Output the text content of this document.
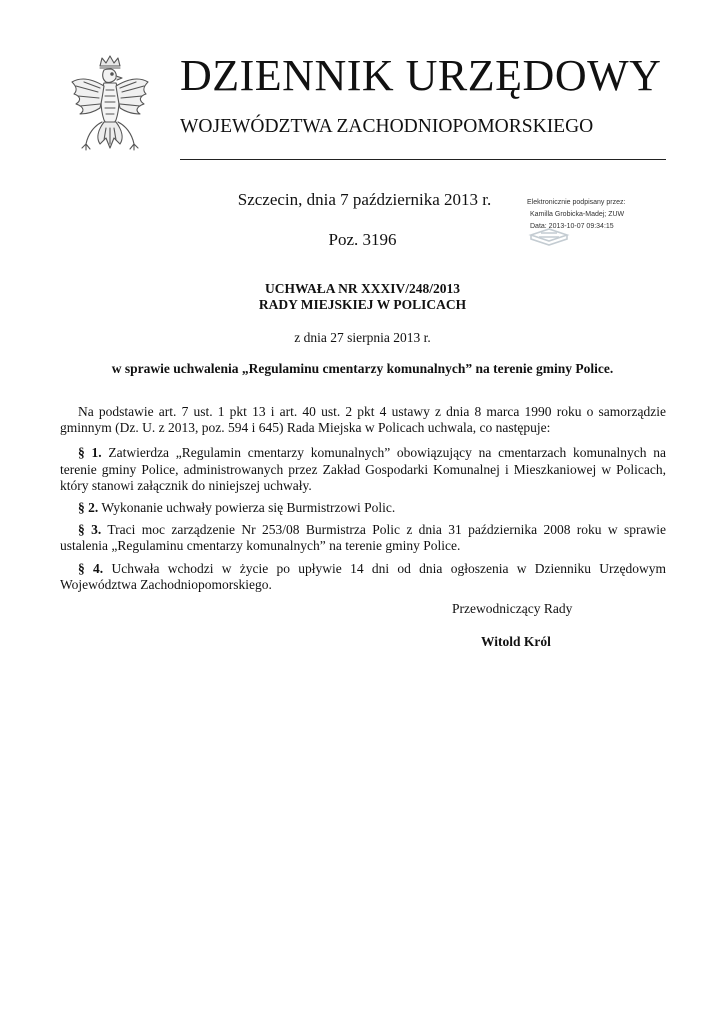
DZIENNIK URZĘDOWY
WOJEWÓDZTWA ZACHODNIOPOMORSKIEGO
Szczecin, dnia 7 października 2013 r.
Poz. 3196
Elektronicznie podpisany przez:
Kamilla Grobicka-Madej; ZUW
Data: 2013-10-07 09:34:15
UCHWAŁA NR XXXIV/248/2013
RADY MIEJSKIEJ W POLICACH
z dnia 27 sierpnia 2013 r.
w sprawie uchwalenia „Regulaminu cmentarzy komunalnych” na terenie gminy Police.

Na podstawie art. 7 ust. 1 pkt 13 i art. 40 ust. 2 pkt 4 ustawy z dnia 8 marca 1990 roku o samorządzie gminnym (Dz. U. z 2013, poz. 594 i 645) Rada Miejska w Policach uchwala, co następuje:

§ 1. Zatwierdza „Regulamin cmentarzy komunalnych” obowiązujący na cmentarzach komunalnych na terenie gminy Police, administrowanych przez Zakład Gospodarki Komunalnej i Mieszkaniowej w Policach, który stanowi załącznik do niniejszej uchwały.

§ 2. Wykonanie uchwały powierza się Burmistrzowi Polic.

§ 3. Traci moc zarządzenie Nr 253/08 Burmistrza Polic z dnia 31 października 2008 roku w sprawie ustalenia „Regulaminu cmentarzy komunalnych” na terenie gminy Police.

§ 4. Uchwała wchodzi w życie po upływie 14 dni od dnia ogłoszenia w Dzienniku Urzędowym Województwa Zachodniopomorskiego.

Przewodniczący Rady
Witold Król
